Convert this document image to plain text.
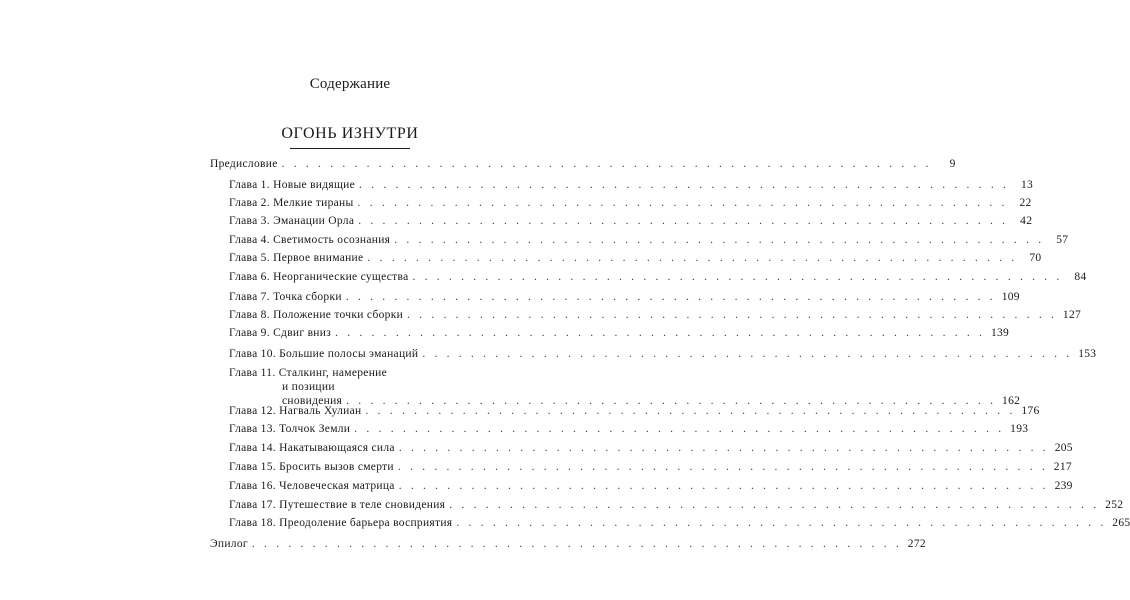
Содержание
ОГОНЬ ИЗНУТРИ
Предисловие . . . . . . . . . . . . . . . . . . . . . . . . . . . . . . . . . . . . . . . . . . . . . . . . . . . . . .	9
Глава 1. Новые видящие . . . . . . . . . . . . . . . . . . . . . . . . . . . . . . . . . . . . . . . . . . . . . . . . . . . . . .	13
Глава 2. Мелкие тираны . . . . . . . . . . . . . . . . . . . . . . . . . . . . . . . . . . . . . . . . . . . . . . . . . . . . . .	22
Глава 3. Эманации Орла . . . . . . . . . . . . . . . . . . . . . . . . . . . . . . . . . . . . . . . . . . . . . . . . . . . . . .	42
Глава 4. Светимость осознания . . . . . . . . . . . . . . . . . . . . . . . . . . . . . . . . . . . . . . . . . . . . . . . . . . . . . .	57
Глава 5. Первое внимание . . . . . . . . . . . . . . . . . . . . . . . . . . . . . . . . . . . . . . . . . . . . . . . . . . . . . .	70
Глава 6. Неорганические существа . . . . . . . . . . . . . . . . . . . . . . . . . . . . . . . . . . . . . . . . . . . . . . . . . . . . . .	84
Глава 7. Точка сборки . . . . . . . . . . . . . . . . . . . . . . . . . . . . . . . . . . . . . . . . . . . . . . . . . . . . . . 109
Глава 8. Положение точки сборки . . . . . . . . . . . . . . . . . . . . . . . . . . . . . . . . . . . . . . . . . . . . . . . . . . . . . . 127
Глава 9. Сдвиг вниз . . . . . . . . . . . . . . . . . . . . . . . . . . . . . . . . . . . . . . . . . . . . . . . . . . . . . . 139
Глава 10. Большие полосы эманаций . . . . . . . . . . . . . . . . . . . . . . . . . . . . . . . . . . . . . . . . . . . . . . . . . . . . . . 153
Глава 11. Сталкинг, намерение
и позиции сновидения . . . . . . . . . . . . . . . . . . . . . . . . . . . . . . . . . . . . . . . . . . . . . . . . . . . . . . 162
Глава 12. Нагваль Хулиан . . . . . . . . . . . . . . . . . . . . . . . . . . . . . . . . . . . . . . . . . . . . . . . . . . . . . . 176
Глава 13. Толчок Земли . . . . . . . . . . . . . . . . . . . . . . . . . . . . . . . . . . . . . . . . . . . . . . . . . . . . . . 193
Глава 14. Накатывающаяся сила . . . . . . . . . . . . . . . . . . . . . . . . . . . . . . . . . . . . . . . . . . . . . . . . . . . . . . 205
Глава 15. Бросить вызов смерти . . . . . . . . . . . . . . . . . . . . . . . . . . . . . . . . . . . . . . . . . . . . . . . . . . . . . . 217
Глава 16. Человеческая матрица . . . . . . . . . . . . . . . . . . . . . . . . . . . . . . . . . . . . . . . . . . . . . . . . . . . . . . 239
Глава 17. Путешествие в теле сновидения . . . . . . . . . . . . . . . . . . . . . . . . . . . . . . . . . . . . . . . . . . . . . . . . . . . . . . 252
Глава 18. Преодоление барьера восприятия . . . . . . . . . . . . . . . . . . . . . . . . . . . . . . . . . . . . . . . . . . . . . . . . . . . . . . 265
Эпилог . . . . . . . . . . . . . . . . . . . . . . . . . . . . . . . . . . . . . . . . . . . . . . . . . . . . . . 272
